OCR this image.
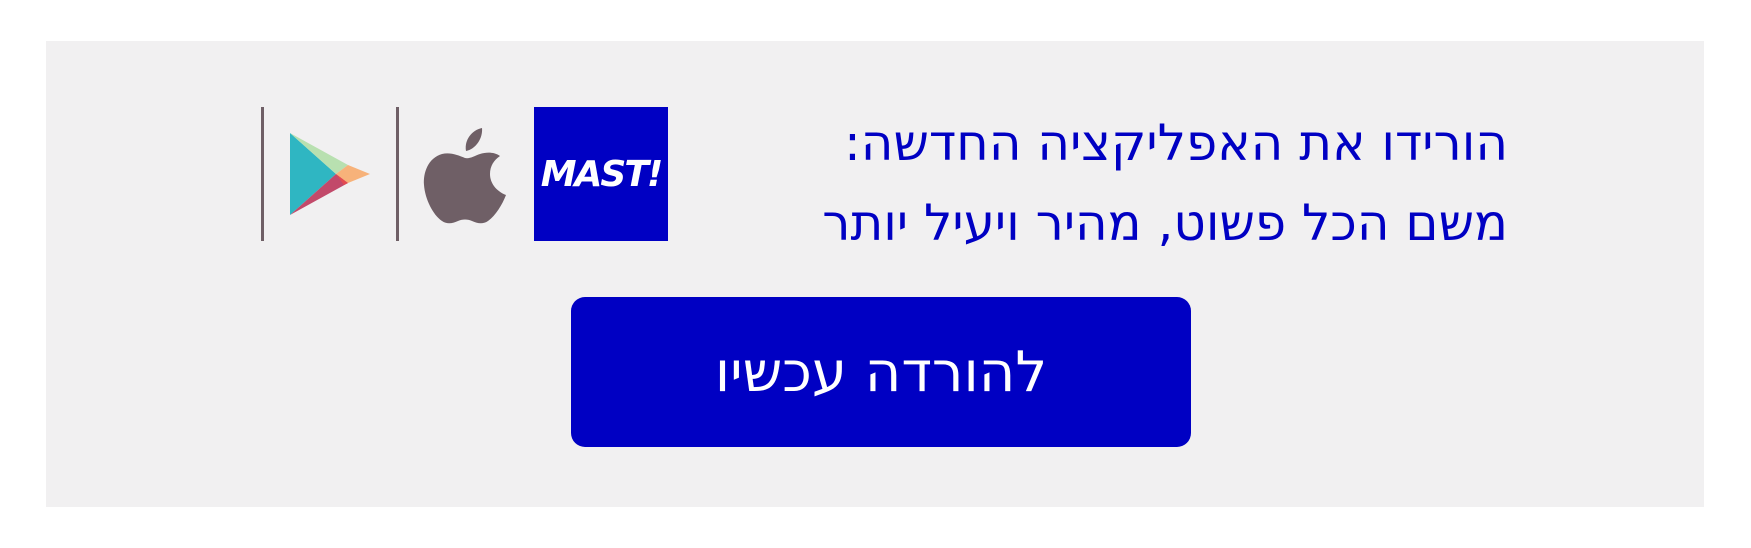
הורידו את האפליקציה החדשה:
משם הכל פשוט, מהיר ויעיל יותר
MAST!
להורדה עכשיו
